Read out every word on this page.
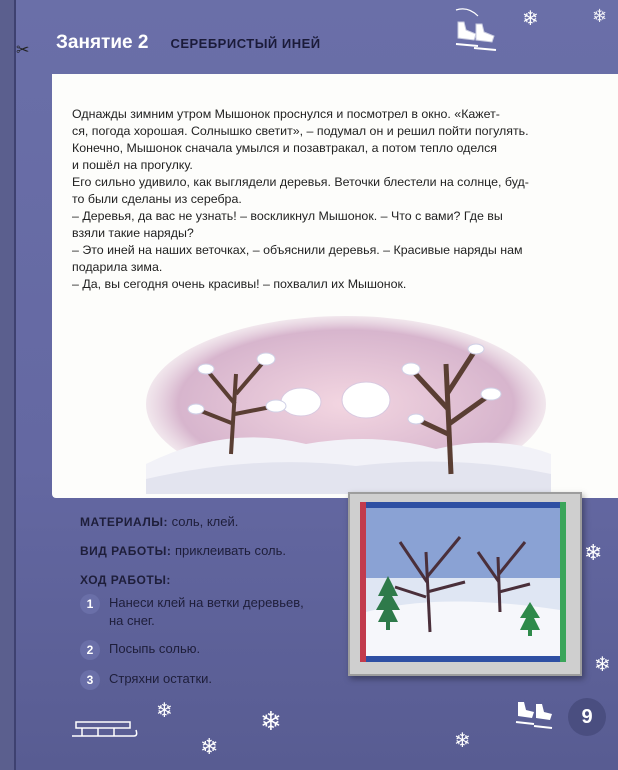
✂ Занятие 2 СЕРЕБРИСТЫЙ ИНЕЙ
❄	❄

Однажды зимним утром Мышонок проснулся и посмотрел в окно. «Кажет-

ся, погода хорошая. Солнышко светит», – подумал он и решил пойти погулять.

Конечно, Мышонок сначала умылся и позавтракал, а потом тепло оделся

и пошёл на прогулку.

Его сильно удивило, как выглядели деревья. Веточки блестели на солнце, буд-

то были сделаны из серебра.

– Деревья, да вас не узнать! – воскликнул Мышонок. – Что с вами? Где вы

взяли такие наряды?

– Это иней на наших веточках, – объяснили деревья. – Красивые наряды нам

подарила зима.

– Да, вы сегодня очень красивы! – похвалил их Мышонок.

МАТЕРИАЛЫ: соль, клей.
ВИД РАБОТЫ: приклеивать соль.
ХОД РАБОТЫ:
1	Нанеси клей на ветки деревьев,
на снег.
2	Посыпь солью.
3	Стряхни остатки.
❄
❄
❄	❄
❄	❄
9
